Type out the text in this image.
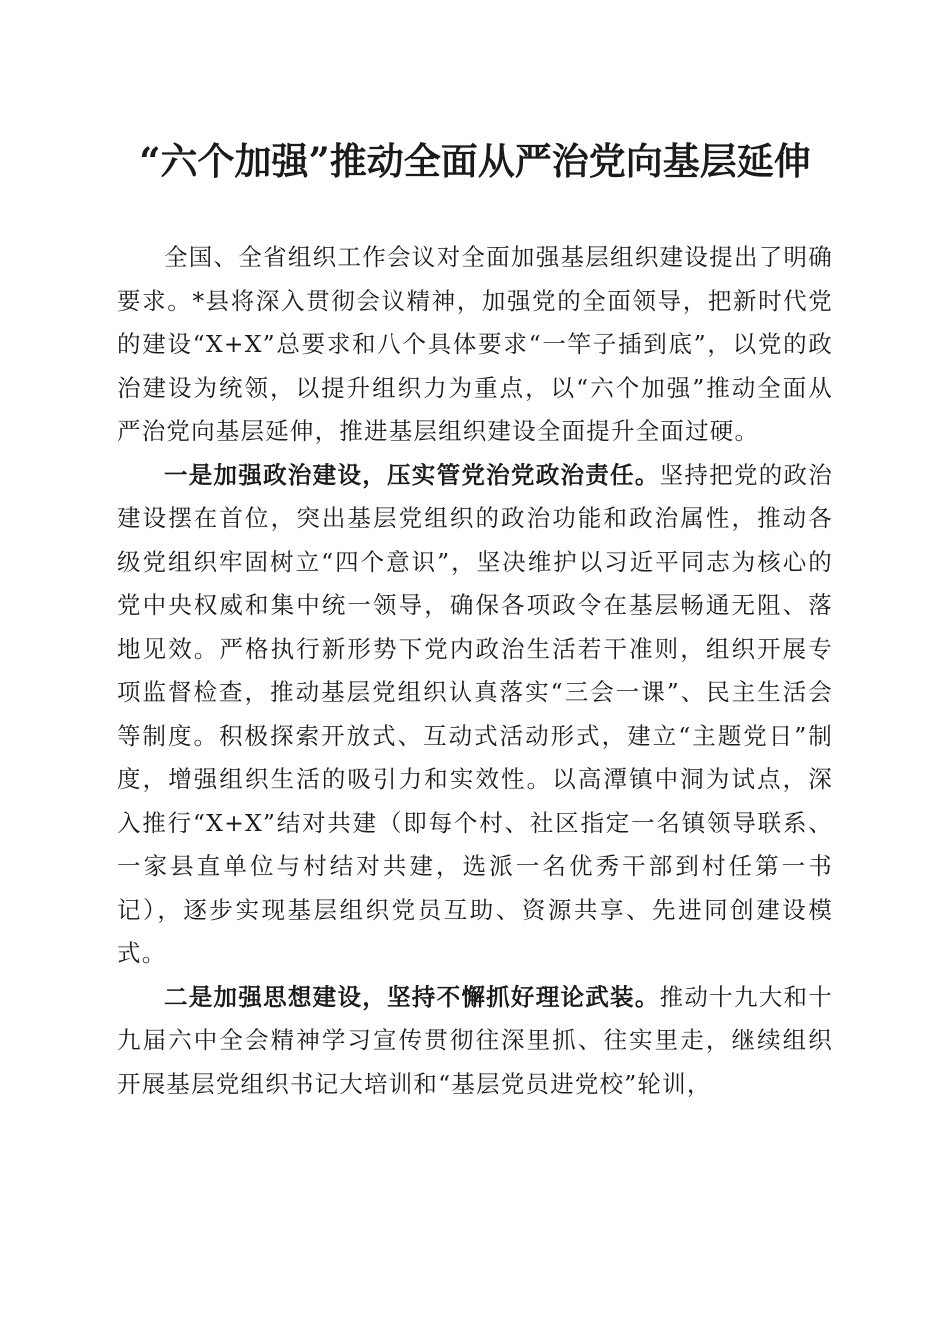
“六个加强”推动全面从严治党向基层延伸

全国、全省组织工作会议对全面加强基层组织建设提出了明确要求。*县将深入贯彻会议精神，加强党的全面领导，把新时代党的建设“X+X”总要求和八个具体要求“一竿子插到底”，以党的政治建设为统领，以提升组织力为重点，以“六个加强”推动全面从严治党向基层延伸，推进基层组织建设全面提升全面过硬。

一是加强政治建设，压实管党治党政治责任。坚持把党的政治建设摆在首位，突出基层党组织的政治功能和政治属性，推动各级党组织牢固树立“四个意识”，坚决维护以习近平同志为核心的党中央权威和集中统一领导，确保各项政令在基层畅通无阻、落地见效。严格执行新形势下党内政治生活若干准则，组织开展专项监督检查，推动基层党组织认真落实“三会一课”、民主生活会等制度。积极探索开放式、互动式活动形式，建立“主题党日”制度，增强组织生活的吸引力和实效性。以高潭镇中洞为试点，深入推行“X+X”结对共建（即每个村、社区指定一名镇领导联系、一家县直单位与村结对共建，选派一名优秀干部到村任第一书记），逐步实现基层组织党员互助、资源共享、先进同创建设模式。

二是加强思想建设，坚持不懈抓好理论武装。推动十九大和十九届六中全会精神学习宣传贯彻往深里抓、往实里走，继续组织开展基层党组织书记大培训和“基层党员进党校”轮训，
